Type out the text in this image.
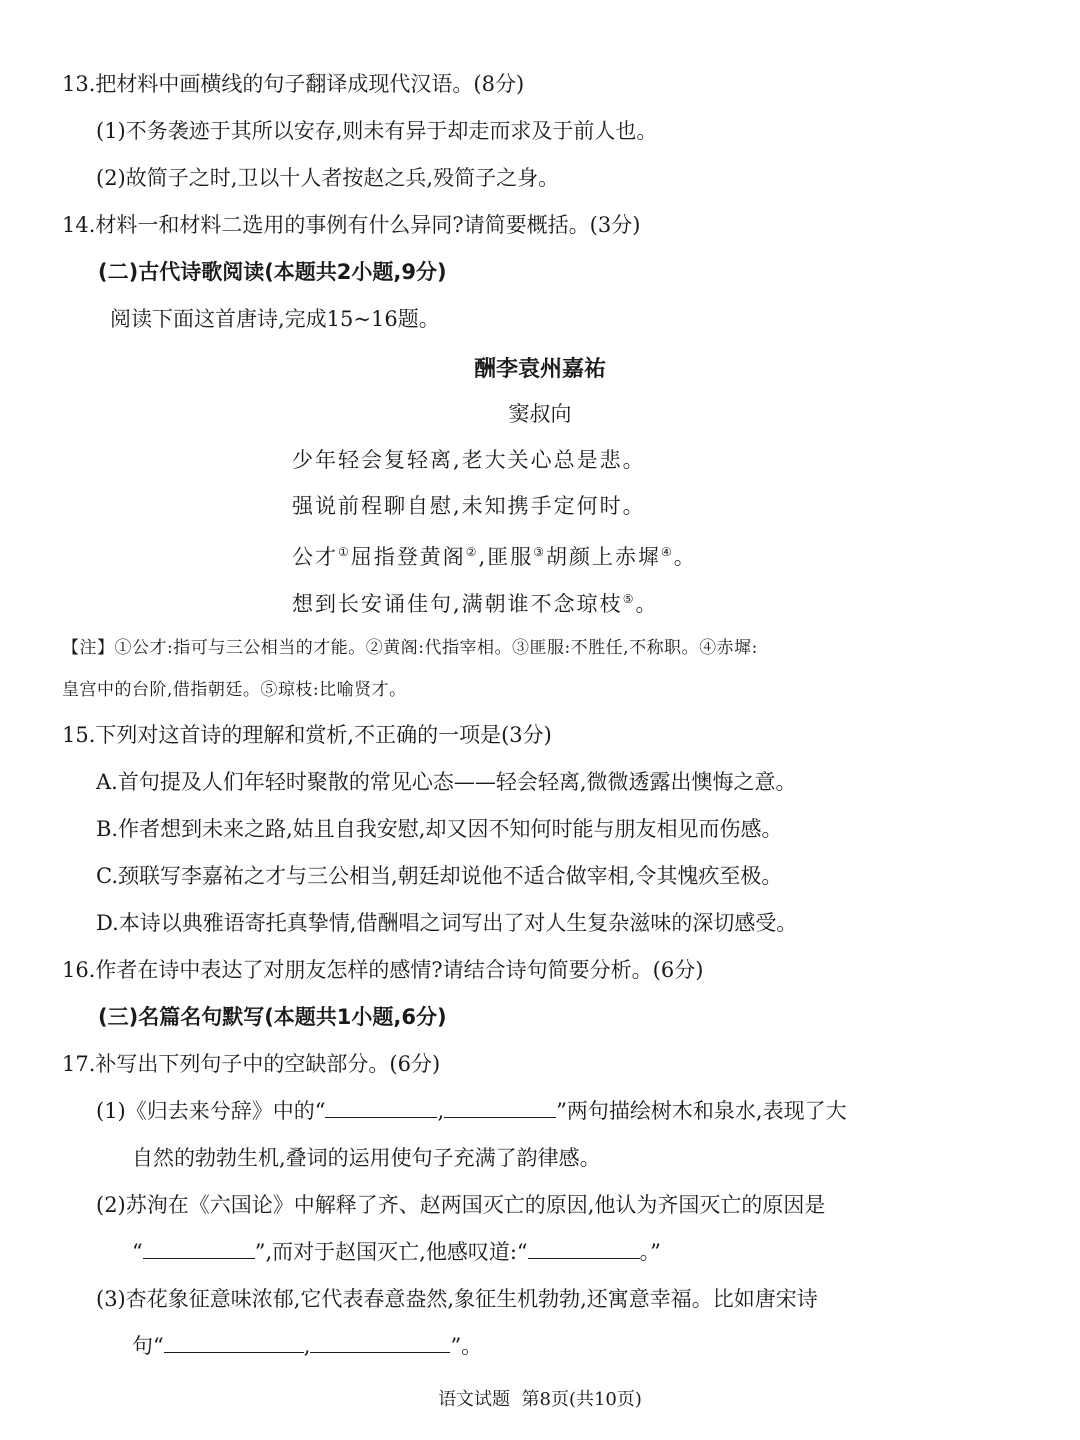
13.把材料中画横线的句子翻译成现代汉语。(8分)
(1)不务袭迹于其所以安存,则未有异于却走而求及于前人也。
(2)故简子之时,卫以十人者按赵之兵,殁简子之身。
14.材料一和材料二选用的事例有什么异同?请简要概括。(3分)
(二)古代诗歌阅读(本题共2小题,9分)
阅读下面这首唐诗,完成15~16题。
酬李袁州嘉祐
窦叔向
少年轻会复轻离,老大关心总是悲。
强说前程聊自慰,未知携手定何时。
公才①屈指登黄阁②,匪服③胡颜上赤墀④。
想到长安诵佳句,满朝谁不念琼枝⑤。
【注】①公才:指可与三公相当的才能。②黄阁:代指宰相。③匪服:不胜任,不称职。④赤墀:
皇宫中的台阶,借指朝廷。⑤琼枝:比喻贤才。
15.下列对这首诗的理解和赏析,不正确的一项是(3分)
A.首句提及人们年轻时聚散的常见心态——轻会轻离,微微透露出懊悔之意。
B.作者想到未来之路,姑且自我安慰,却又因不知何时能与朋友相见而伤感。
C.颈联写李嘉祐之才与三公相当,朝廷却说他不适合做宰相,令其愧疚至极。
D.本诗以典雅语寄托真挚情,借酬唱之词写出了对人生复杂滋味的深切感受。
16.作者在诗中表达了对朋友怎样的感情?请结合诗句简要分析。(6分)
(三)名篇名句默写(本题共1小题,6分)
17.补写出下列句子中的空缺部分。(6分)
(1)《归去来兮辞》中的“	,	”两句描绘树木和泉水,表现了大
自然的勃勃生机,叠词的运用使句子充满了韵律感。
(2)苏洵在《六国论》中解释了齐、赵两国灭亡的原因,他认为齐国灭亡的原因是
“	”,而对于赵国灭亡,他感叹道:“	。”
(3)杏花象征意味浓郁,它代表春意盎然,象征生机勃勃,还寓意幸福。比如唐宋诗
句“	,	”。
语文试题  第8页(共10页)
